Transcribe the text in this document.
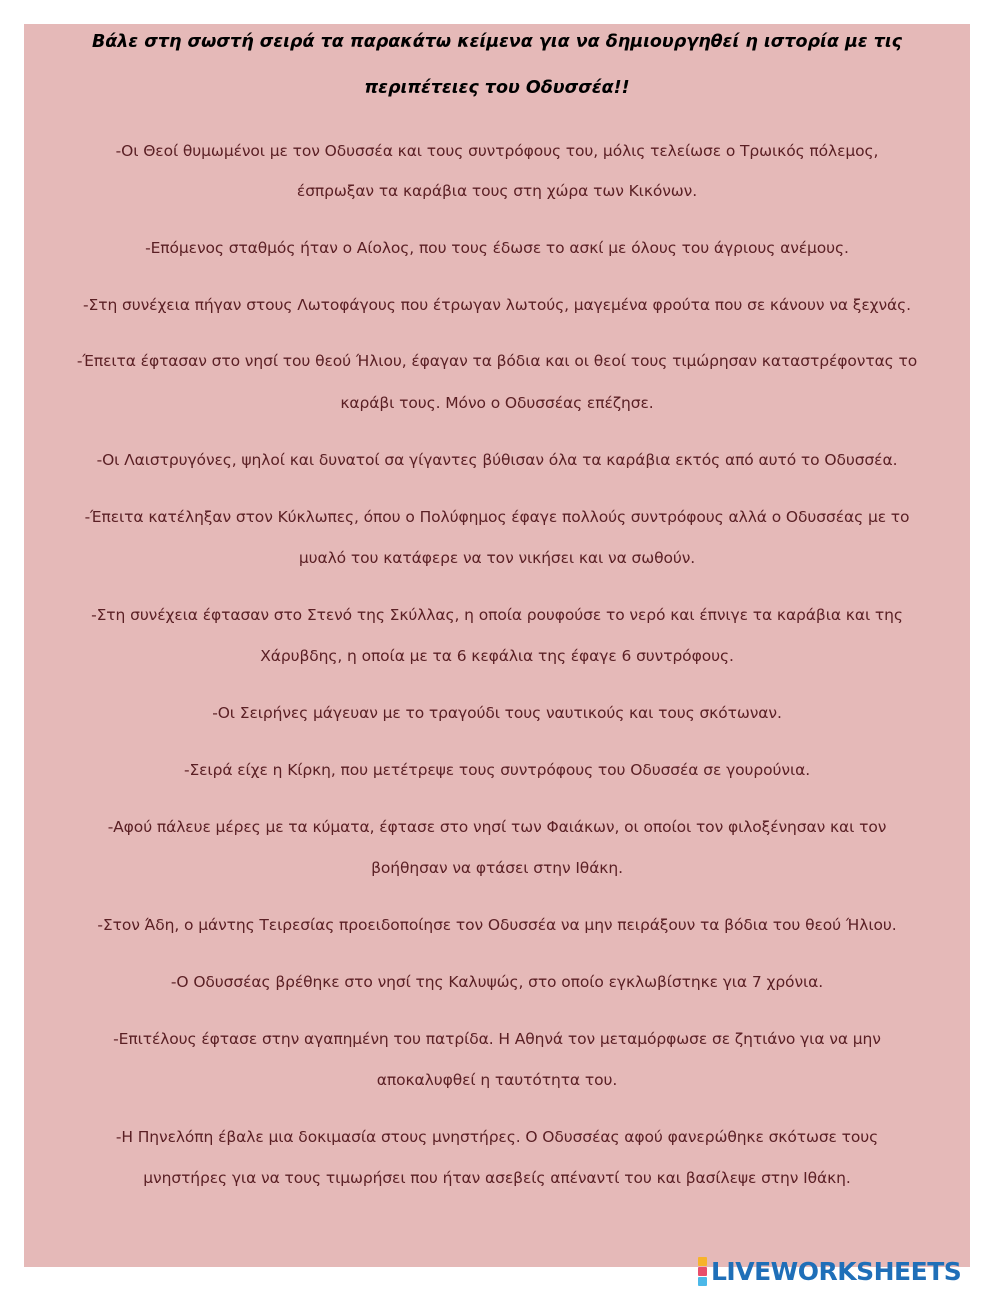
Βάλε στη σωστή σειρά τα παρακάτω κείμενα για να δημιουργηθεί η ιστορία με τις
περιπέτειες του Οδυσσέα!!
-Οι Θεοί θυμωμένοι με τον Οδυσσέα και τους συντρόφους του, μόλις τελείωσε ο Τρωικός πόλεμος,
έσπρωξαν τα καράβια τους στη χώρα των Κικόνων.
-Επόμενος σταθμός ήταν ο Αίολος, που τους έδωσε το ασκί με όλους του άγριους ανέμους.
-Στη συνέχεια πήγαν στους Λωτοφάγους που έτρωγαν λωτούς, μαγεμένα φρούτα που σε κάνουν να ξεχνάς.
-Έπειτα έφτασαν στο νησί του θεού Ήλιου, έφαγαν τα βόδια και οι θεοί τους τιμώρησαν καταστρέφοντας το
καράβι τους. Μόνο ο Οδυσσέας επέζησε.
-Οι Λαιστρυγόνες, ψηλοί και δυνατοί σα γίγαντες βύθισαν όλα τα καράβια εκτός από αυτό το Οδυσσέα.
-Έπειτα κατέληξαν στον Κύκλωπες, όπου ο Πολύφημος έφαγε πολλούς συντρόφους αλλά ο Οδυσσέας με το
μυαλό του κατάφερε να τον νικήσει και να σωθούν.
-Στη συνέχεια έφτασαν στο Στενό της Σκύλλας, η οποία ρουφούσε το νερό και έπνιγε τα καράβια και της
Χάρυβδης, η οποία με τα 6 κεφάλια της έφαγε 6 συντρόφους.
-Οι Σειρήνες μάγευαν με το τραγούδι τους ναυτικούς και τους σκότωναν.
-Σειρά είχε η Κίρκη, που μετέτρεψε τους συντρόφους του Οδυσσέα σε γουρούνια.
-Αφού πάλευε μέρες με τα κύματα, έφτασε στο νησί των Φαιάκων, οι οποίοι τον φιλοξένησαν και τον
βοήθησαν να φτάσει στην Ιθάκη.
-Στον Άδη, ο μάντης Τειρεσίας προειδοποίησε τον Οδυσσέα να μην πειράξουν τα βόδια του θεού Ήλιου.
-Ο Οδυσσέας βρέθηκε στο νησί της Καλυψώς, στο οποίο εγκλωβίστηκε για 7 χρόνια.
-Επιτέλους έφτασε στην αγαπημένη του πατρίδα. Η Αθηνά τον μεταμόρφωσε σε ζητιάνο για να μην
αποκαλυφθεί η ταυτότητα του.
-Η Πηνελόπη έβαλε μια δοκιμασία στους μνηστήρες. Ο Οδυσσέας αφού φανερώθηκε σκότωσε τους
μνηστήρες για να τους τιμωρήσει που ήταν ασεβείς απέναντί του και βασίλεψε στην Ιθάκη.
LIVEWORKSHEETS
